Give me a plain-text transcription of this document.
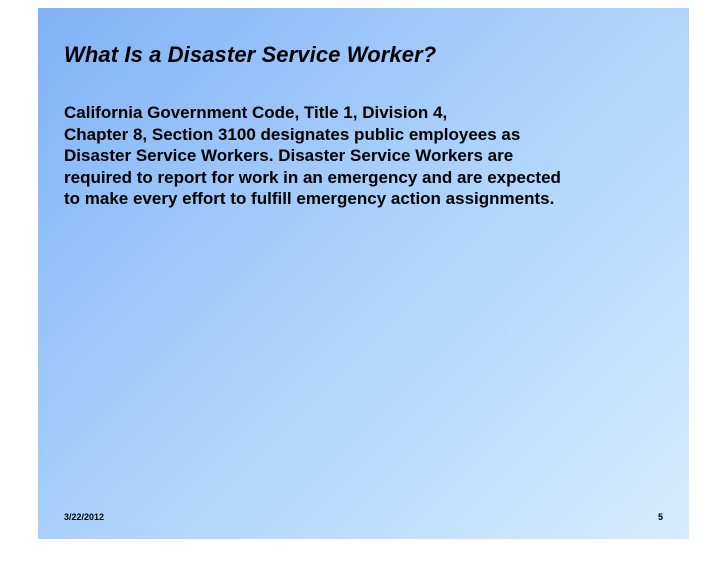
What Is a Disaster Service Worker?

California Government Code, Title 1, Division 4,
Chapter 8, Section 3100 designates public employees as
Disaster Service Workers. Disaster Service Workers are
required to report for work in an emergency and are expected
to make every effort to fulfill emergency action assignments.

3/22/2012	5
